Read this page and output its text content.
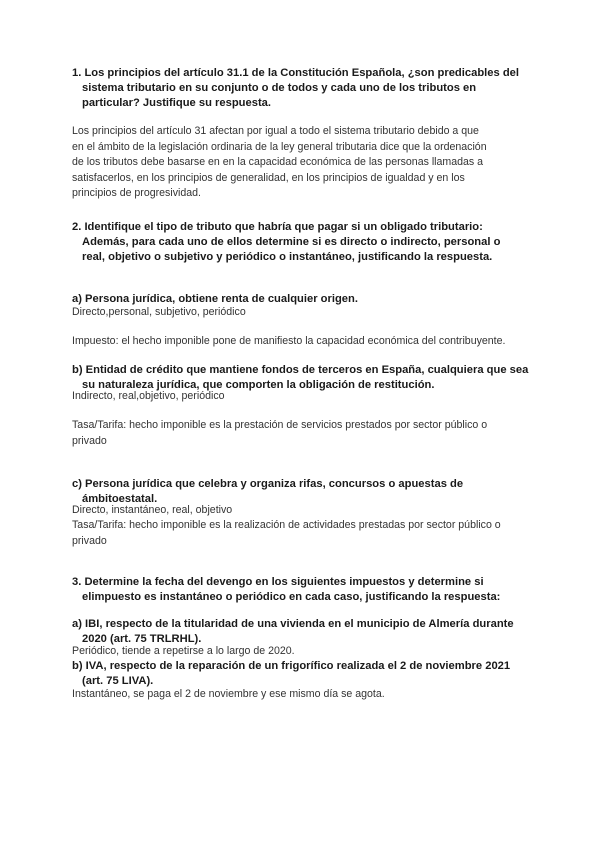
1. Los principios del artículo 31.1 de la Constitución Española, ¿son predicables del
sistema tributario en su conjunto o de todos y cada uno de los tributos en
particular? Justifique su respuesta.

Los principios del artículo 31 afectan por igual a todo el sistema tributario debido a que
en el ámbito de la legislación ordinaria de la ley general tributaria dice que la ordenación
de los tributos debe basarse en en la capacidad económica de las personas llamadas a
satisfacerlos, en los principios de generalidad, en los principios de igualdad y en los
principios de progresividad.

2. Identifique el tipo de tributo que habría que pagar si un obligado tributario:
Además, para cada uno de ellos determine si es directo o indirecto, personal o
real, objetivo o subjetivo y periódico o instantáneo, justificando la respuesta.

a) Persona jurídica, obtiene renta de cualquier origen.

Directo,personal, subjetivo, periódico

Impuesto: el hecho imponible pone de manifiesto la capacidad económica del contribuyente.

b) Entidad de crédito que mantiene fondos de terceros en España, cualquiera que sea
su naturaleza jurídica, que comporten la obligación de restitución.

Indirecto, real,objetivo, periódico

Tasa/Tarifa: hecho imponible es la prestación de servicios prestados por sector público o
privado

c) Persona jurídica que celebra y organiza rifas, concursos o apuestas de
ámbitoestatal.

Directo, instantáneo, real, objetivo

Tasa/Tarifa: hecho imponible es la realización de actividades prestadas por sector público o
privado

3. Determine la fecha del devengo en los siguientes impuestos y determine si
elimpuesto es instantáneo o periódico en cada caso, justificando la respuesta:

a) IBI, respecto de la titularidad de una vivienda en el municipio de Almería durante
2020 (art. 75 TRLRHL).

Periódico, tiende a repetirse a lo largo de 2020.

b) IVA, respecto de la reparación de un frigorífico realizada el 2 de noviembre 2021
(art. 75 LIVA).

Instantáneo, se paga el 2 de noviembre y ese mismo día se agota.
